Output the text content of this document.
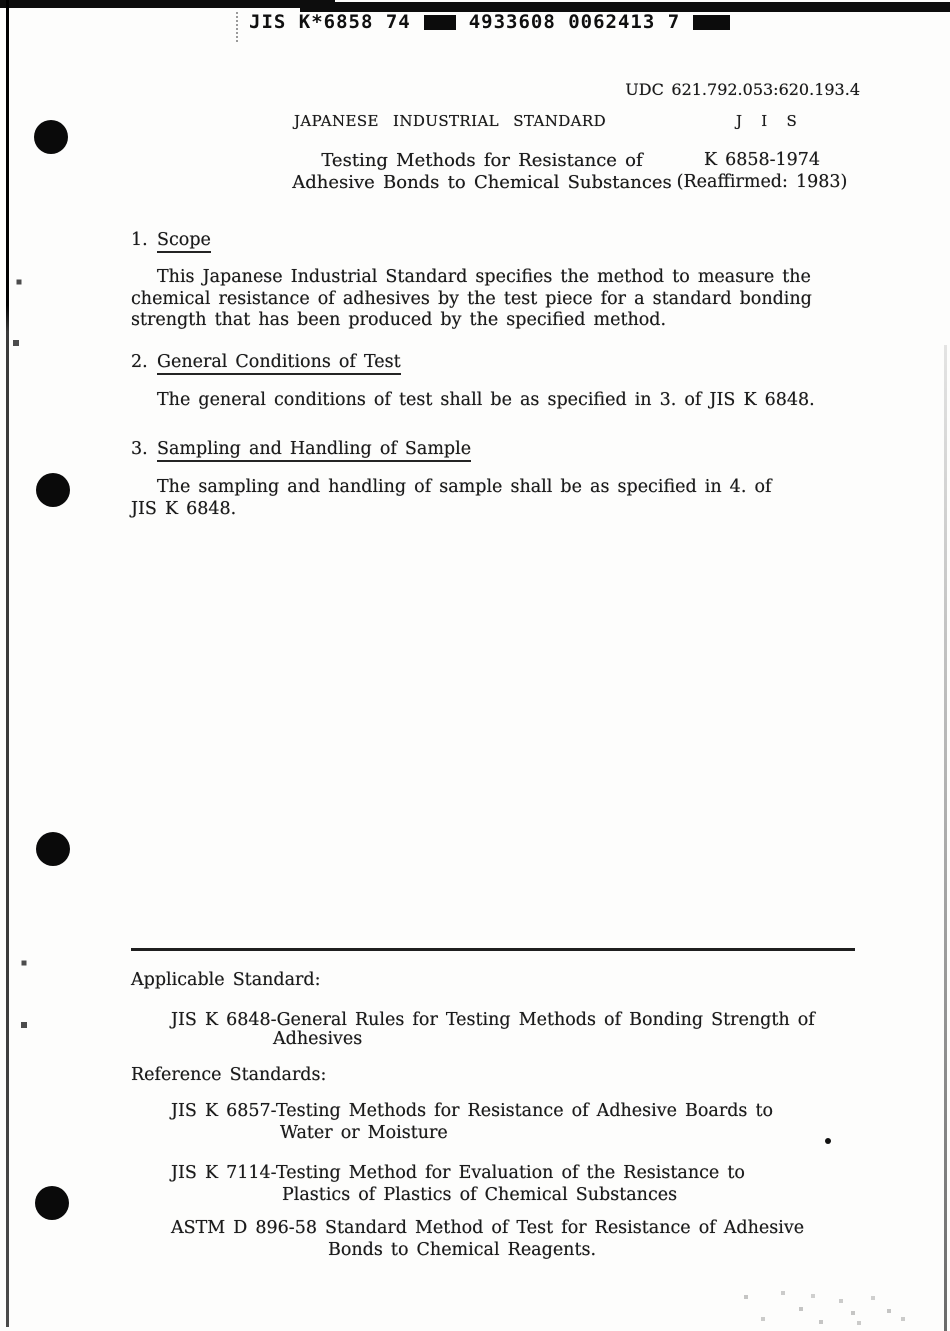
JIS K*6858 74	4933608 0062413 7
UDC 621.792.053:620.193.4
JAPANESE INDUSTRIAL STANDARD	J I S
Testing Methods for Resistance of
Adhesive Bonds to Chemical Substances
K 6858-1974
(Reaffirmed: 1983)
1. Scope
This Japanese Industrial Standard specifies the method to measure the
chemical resistance of adhesives by the test piece for a standard bonding
strength that has been produced by the specified method.
2. General Conditions of Test
The general conditions of test shall be as specified in 3. of JIS K 6848.
3. Sampling and Handling of Sample
The sampling and handling of sample shall be as specified in 4. of
JIS K 6848.
Applicable Standard:
JIS K 6848-General Rules for Testing Methods of Bonding Strength of
Adhesives
Reference Standards:
JIS K 6857-Testing Methods for Resistance of Adhesive Boards to
Water or Moisture
JIS K 7114-Testing Method for Evaluation of the Resistance to
Plastics of Plastics of Chemical Substances
ASTM D 896-58 Standard Method of Test for Resistance of Adhesive
Bonds to Chemical Reagents.
